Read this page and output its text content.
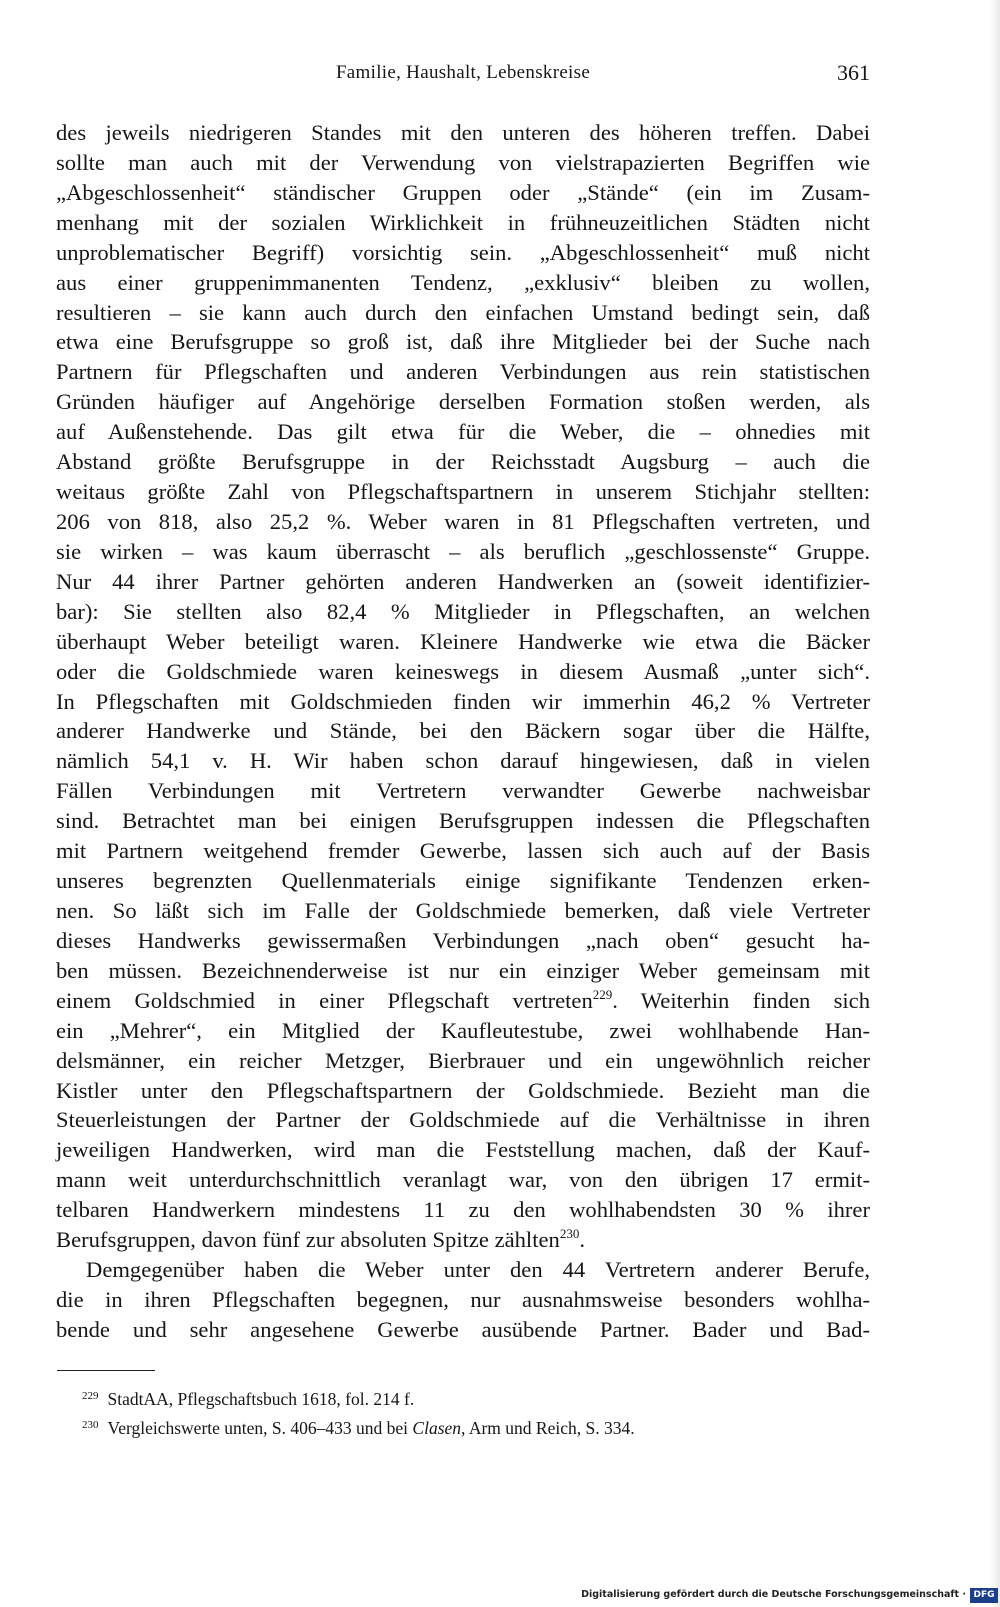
Familie, Haushalt, Lebenskreise	361
des jeweils niedrigeren Standes mit den unteren des höheren treffen. Dabei
sollte man auch mit der Verwendung von vielstrapazierten Begriffen wie
„Abgeschlossenheit“ ständischer Gruppen oder „Stände“ (ein im Zusam-
menhang mit der sozialen Wirklichkeit in frühneuzeitlichen Städten nicht
unproblematischer Begriff) vorsichtig sein. „Abgeschlossenheit“ muß nicht
aus einer gruppenimmanenten Tendenz, „exklusiv“ bleiben zu wollen,
resultieren – sie kann auch durch den einfachen Umstand bedingt sein, daß
etwa eine Berufsgruppe so groß ist, daß ihre Mitglieder bei der Suche nach
Partnern für Pflegschaften und anderen Verbindungen aus rein statistischen
Gründen häufiger auf Angehörige derselben Formation stoßen werden, als
auf Außenstehende. Das gilt etwa für die Weber, die – ohnedies mit
Abstand größte Berufsgruppe in der Reichsstadt Augsburg – auch die
weitaus größte Zahl von Pflegschaftspartnern in unserem Stichjahr stellten:
206 von 818, also 25,2 %. Weber waren in 81 Pflegschaften vertreten, und
sie wirken – was kaum überrascht – als beruflich „geschlossenste“ Gruppe.
Nur 44 ihrer Partner gehörten anderen Handwerken an (soweit identifizier-
bar): Sie stellten also 82,4 % Mitglieder in Pflegschaften, an welchen
überhaupt Weber beteiligt waren. Kleinere Handwerke wie etwa die Bäcker
oder die Goldschmiede waren keineswegs in diesem Ausmaß „unter sich“.
In Pflegschaften mit Goldschmieden finden wir immerhin 46,2 % Vertreter
anderer Handwerke und Stände, bei den Bäckern sogar über die Hälfte,
nämlich 54,1 v. H. Wir haben schon darauf hingewiesen, daß in vielen
Fällen Verbindungen mit Vertretern verwandter Gewerbe nachweisbar
sind. Betrachtet man bei einigen Berufsgruppen indessen die Pflegschaften
mit Partnern weitgehend fremder Gewerbe, lassen sich auch auf der Basis
unseres begrenzten Quellenmaterials einige signifikante Tendenzen erken-
nen. So läßt sich im Falle der Goldschmiede bemerken, daß viele Vertreter
dieses Handwerks gewissermaßen Verbindungen „nach oben“ gesucht ha-
ben müssen. Bezeichnenderweise ist nur ein einziger Weber gemeinsam mit
einem Goldschmied in einer Pflegschaft vertreten$^{229}$. Weiterhin finden sich
ein „Mehrer“, ein Mitglied der Kaufleutestube, zwei wohlhabende Han-
delsmänner, ein reicher Metzger, Bierbrauer und ein ungewöhnlich reicher
Kistler unter den Pflegschaftspartnern der Goldschmiede. Bezieht man die
Steuerleistungen der Partner der Goldschmiede auf die Verhältnisse in ihren
jeweiligen Handwerken, wird man die Feststellung machen, daß der Kauf-
mann weit unterdurchschnittlich veranlagt war, von den übrigen 17 ermit-
telbaren Handwerkern mindestens 11 zu den wohlhabendsten 30 % ihrer
Berufsgruppen, davon fünf zur absoluten Spitze zählten$^{230}$.
Demgegenüber haben die Weber unter den 44 Vertretern anderer Berufe,
die in ihren Pflegschaften begegnen, nur ausnahmsweise besonders wohlha-
bende und sehr angesehene Gewerbe ausübende Partner. Bader und Bad-
$^{229}$ StadtAA, Pflegschaftsbuch 1618, fol. 214 f.
$^{230}$ Vergleichswerte unten, S. 406–433 und bei Clasen, Arm und Reich, S. 334.
Digitalisierung gefördert durch die Deutsche Forschungsgemeinschaft · DFG
